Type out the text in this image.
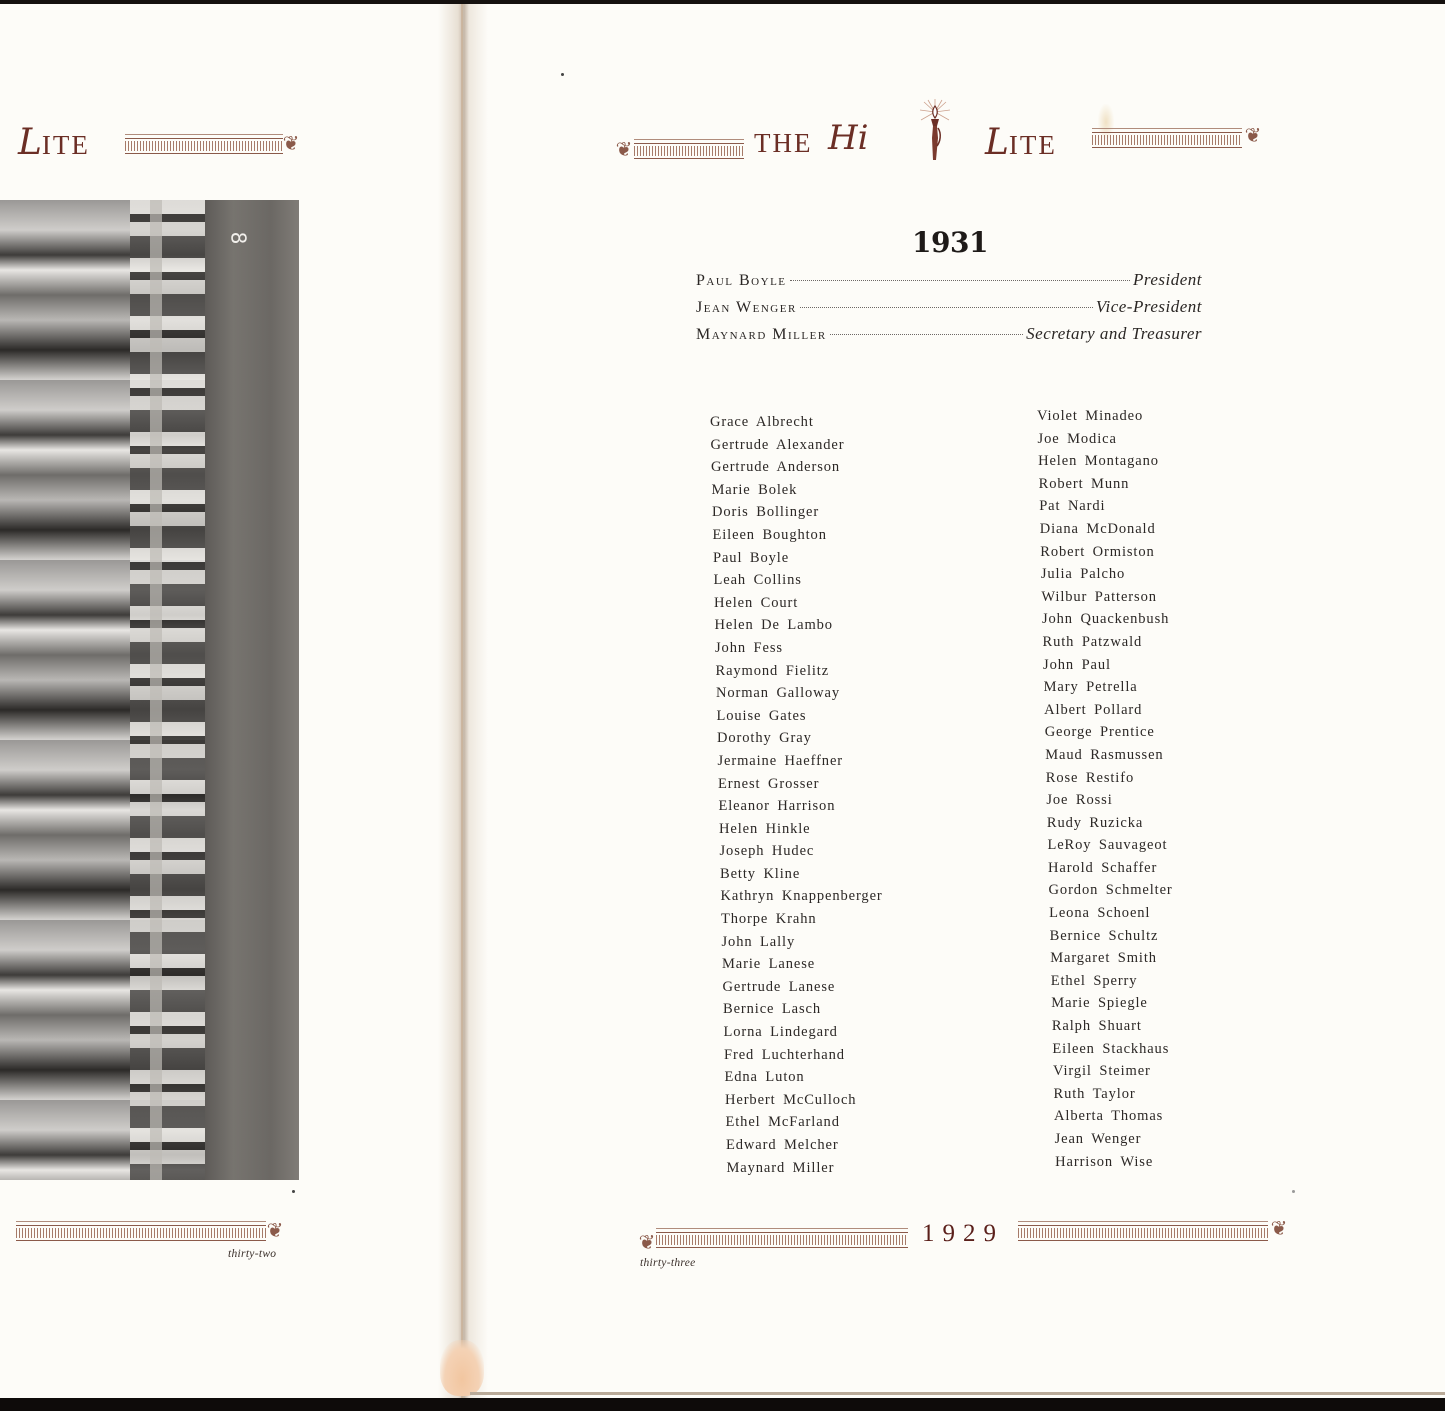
LITE	❦
8
❦
thirty-two
❦	THE Hi	LITE	❦
1931
Paul Boyle	President
Jean Wenger	Vice-President
Maynard Miller	Secretary and Treasurer
Grace Albrecht
Gertrude Alexander
Gertrude Anderson
Marie Bolek
Doris Bollinger
Eileen Boughton
Paul Boyle
Leah Collins
Helen Court
Helen De Lambo
John Fess
Raymond Fielitz
Norman Galloway
Louise Gates
Dorothy Gray
Jermaine Haeffner
Ernest Grosser
Eleanor Harrison
Helen Hinkle
Joseph Hudec
Betty Kline
Kathryn Knappenberger
Thorpe Krahn
John Lally
Marie Lanese
Gertrude Lanese
Bernice Lasch
Lorna Lindegard
Fred Luchterhand
Edna Luton
Herbert McCulloch
Ethel McFarland
Edward Melcher
Maynard Miller
Violet Minadeo
Joe Modica
Helen Montagano
Robert Munn
Pat Nardi
Diana McDonald
Robert Ormiston
Julia Palcho
Wilbur Patterson
John Quackenbush
Ruth Patzwald
John Paul
Mary Petrella
Albert Pollard
George Prentice
Maud Rasmussen
Rose Restifo
Joe Rossi
Rudy Ruzicka
LeRoy Sauvageot
Harold Schaffer
Gordon Schmelter
Leona Schoenl
Bernice Schultz
Margaret Smith
Ethel Sperry
Marie Spiegle
Ralph Shuart
Eileen Stackhaus
Virgil Steimer
Ruth Taylor
Alberta Thomas
Jean Wenger
Harrison Wise
❦	1929	❦
thirty-three
